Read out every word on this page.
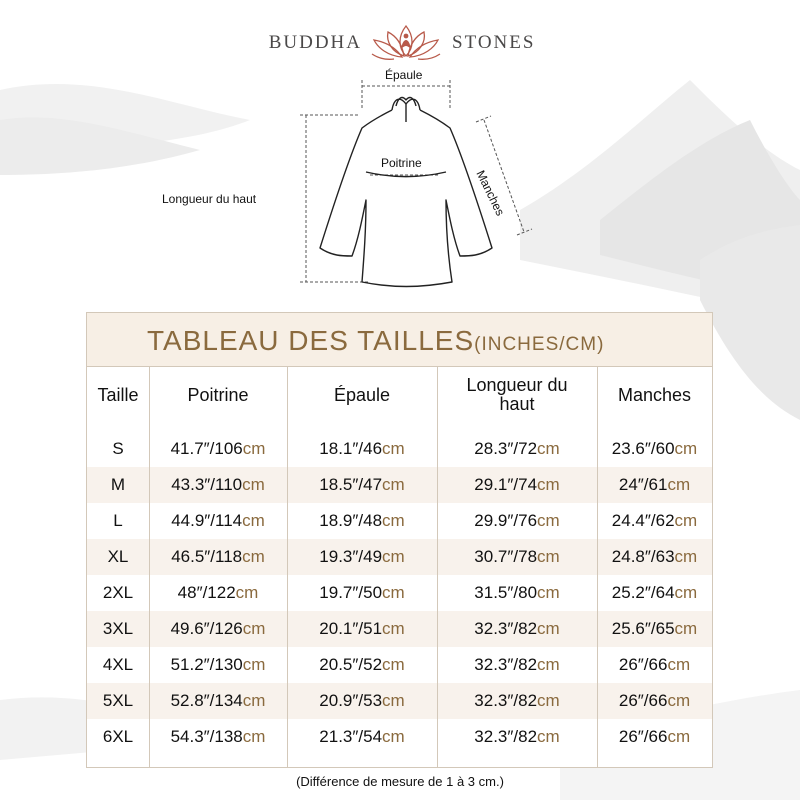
BUDDHA	STONES
Épaule
Poitrine
Longueur du haut	Manches
TABLEAU DES TAILLES(INCHES/CM)
Taille	Poitrine	Épaule	Longueur du haut	Manches
S	41.7″/106cm	18.1″/46cm	28.3″/72cm	23.6″/60cm
M	43.3″/110cm	18.5″/47cm	29.1″/74cm	24″/61cm
L	44.9″/114cm	18.9″/48cm	29.9″/76cm	24.4″/62cm
XL	46.5″/118cm	19.3″/49cm	30.7″/78cm	24.8″/63cm
2XL	48″/122cm	19.7″/50cm	31.5″/80cm	25.2″/64cm
3XL	49.6″/126cm	20.1″/51cm	32.3″/82cm	25.6″/65cm
4XL	51.2″/130cm	20.5″/52cm	32.3″/82cm	26″/66cm
5XL	52.8″/134cm	20.9″/53cm	32.3″/82cm	26″/66cm
6XL	54.3″/138cm	21.3″/54cm	32.3″/82cm	26″/66cm
(Différence de mesure de 1 à 3 cm.)
